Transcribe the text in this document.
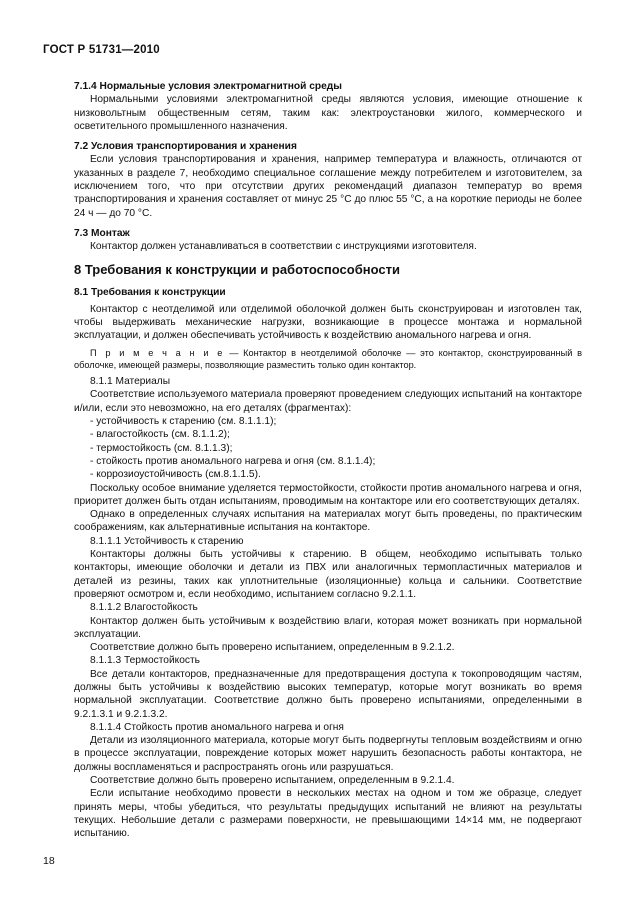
ГОСТ Р 51731—2010

7.1.4 Нормальные условия электромагнитной среды

Нормальными условиями электромагнитной среды являются условия, имеющие отношение к низковольтным общественным сетям, таким как: электроустановки жилого, коммерческого и осветительного промышленного назначения.

7.2 Условия транспортирования и хранения

Если условия транспортирования и хранения, например температура и влажность, отличаются от указанных в разделе 7, необходимо специальное соглашение между потребителем и изготовителем, за исключением того, что при отсутствии других рекомендаций диапазон температур во время транспортирования и хранения составляет от минус 25 °С до плюс 55 °С, а на короткие периоды не более 24 ч — до 70 °С.

7.3 Монтаж

Контактор должен устанавливаться в соответствии с инструкциями изготовителя.

8 Требования к конструкции и работоспособности

8.1 Требования к конструкции

Контактор с неотделимой или отделимой оболочкой должен быть сконструирован и изготовлен так, чтобы выдерживать механические нагрузки, возникающие в процессе монтажа и нормальной эксплуатации, и должен обеспечивать устойчивость к воздействию аномального нагрева и огня.

П р и м е ч а н и е — Контактор в неотделимой оболочке — это контактор, сконструированный в оболочке, имеющей размеры, позволяющие разместить только один контактор.

8.1.1 Материалы

Соответствие используемого материала проверяют проведением следующих испытаний на контакторе и/или, если это невозможно, на его деталях (фрагментах):

- устойчивость к старению (см. 8.1.1.1);
- влагостойкость (см. 8.1.1.2);
- термостойкость (см. 8.1.1.3);
- стойкость против аномального нагрева и огня (см. 8.1.1.4);
- коррозиоустойчивость (см.8.1.1.5).

Поскольку особое внимание уделяется термостойкости, стойкости против аномального нагрева и огня, приоритет должен быть отдан испытаниям, проводимым на контакторе или его соответствующих деталях.

Однако в определенных случаях испытания на материалах могут быть проведены, по практическим соображениям, как альтернативные испытания на контакторе.

8.1.1.1 Устойчивость к старению

Контакторы должны быть устойчивы к старению. В общем, необходимо испытывать только контакторы, имеющие оболочки и детали из ПВХ или аналогичных термопластичных материалов и деталей из резины, таких как уплотнительные (изоляционные) кольца и сальники. Соответствие проверяют осмотром и, если необходимо, испытанием согласно 9.2.1.1.

8.1.1.2 Влагостойкость

Контактор должен быть устойчивым к воздействию влаги, которая может возникать при нормальной эксплуатации.

Соответствие должно быть проверено испытанием, определенным в 9.2.1.2.

8.1.1.3 Термостойкость

Все детали контакторов, предназначенные для предотвращения доступа к токопроводящим частям, должны быть устойчивы к воздействию высоких температур, которые могут возникать во время нормальной эксплуатации. Соответствие должно быть проверено испытаниями, определенными в 9.2.1.3.1 и 9.2.1.3.2.

8.1.1.4 Стойкость против аномального нагрева и огня

Детали из изоляционного материала, которые могут быть подвергнуты тепловым воздействиям и огню в процессе эксплуатации, повреждение которых может нарушить безопасность работы контактора, не должны воспламеняться и распространять огонь или разрушаться.

Соответствие должно быть проверено испытанием, определенным в 9.2.1.4.

Если испытание необходимо провести в нескольких местах на одном и том же образце, следует принять меры, чтобы убедиться, что результаты предыдущих испытаний не влияют на результаты текущих. Небольшие детали с размерами поверхности, не превышающими 14×14 мм, не подвергают испытанию.

18
